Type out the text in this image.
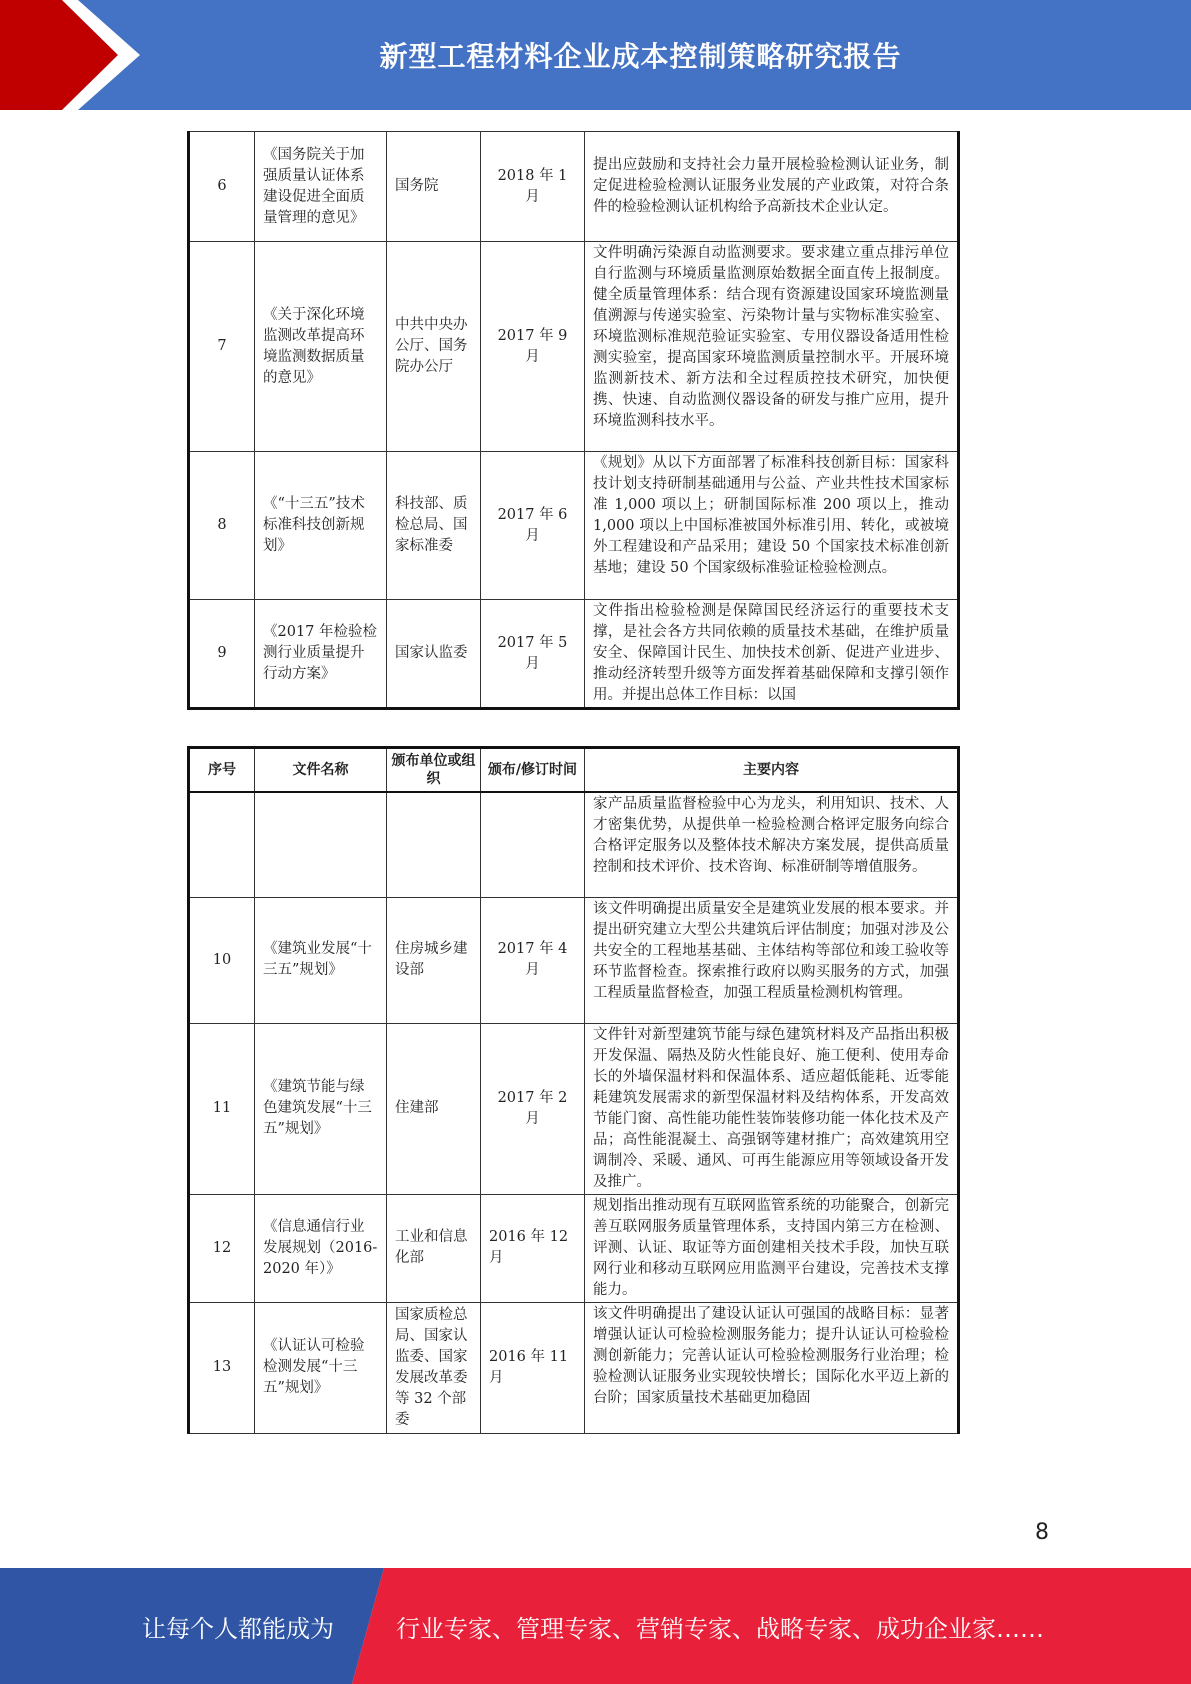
新型工程材料企业成本控制策略研究报告
6	《国务院关于加强质量认证体系建设促进全面质量管理的意见》	国务院	2018 年 1 月	提出应鼓励和支持社会力量开展检验检测认证业务，制定促进检验检测认证服务业发展的产业政策，对符合条件的检验检测认证机构给予高新技术企业认定。
7	《关于深化环境监测改革提高环境监测数据质量的意见》	中共中央办公厅、国务院办公厅	2017 年 9 月	文件明确污染源自动监测要求。要求建立重点排污单位自行监测与环境质量监测原始数据全面直传上报制度。健全质量管理体系：结合现有资源建设国家环境监测量值溯源与传递实验室、污染物计量与实物标准实验室、环境监测标准规范验证实验室、专用仪器设备适用性检测实验室，提高国家环境监测质量控制水平。开展环境监测新技术、新方法和全过程质控技术研究，加快便携、快速、自动监测仪器设备的研发与推广应用，提升环境监测科技水平。
8	《“十三五”技术标准科技创新规划》	科技部、质检总局、国家标准委	2017 年 6 月	《规划》从以下方面部署了标准科技创新目标：国家科技计划支持研制基础通用与公益、产业共性技术国家标准 1,000 项以上；研制国际标准 200 项以上，推动 1,000 项以上中国标准被国外标准引用、转化，或被境外工程建设和产品采用；建设 50 个国家技术标准创新基地；建设 50 个国家级标准验证检验检测点。
9	《2017 年检验检测行业质量提升行动方案》	国家认监委	2017 年 5 月	文件指出检验检测是保障国民经济运行的重要技术支撑，是社会各方共同依赖的质量技术基础，在维护质量安全、保障国计民生、加快技术创新、促进产业进步、推动经济转型升级等方面发挥着基础保障和支撑引领作用。并提出总体工作目标：以国
序号	文件名称	颁布单位或组织	颁布/修订时间	主要内容
				家产品质量监督检验中心为龙头，利用知识、技术、人才密集优势，从提供单一检验检测合格评定服务向综合合格评定服务以及整体技术解决方案发展，提供高质量控制和技术评价、技术咨询、标准研制等增值服务。
10	《建筑业发展“十三五”规划》	住房城乡建设部	2017 年 4 月	该文件明确提出质量安全是建筑业发展的根本要求。并提出研究建立大型公共建筑后评估制度；加强对涉及公共安全的工程地基基础、主体结构等部位和竣工验收等环节监督检查。探索推行政府以购买服务的方式，加强工程质量监督检查，加强工程质量检测机构管理。
11	《建筑节能与绿色建筑发展“十三五”规划》	住建部	2017 年 2 月	文件针对新型建筑节能与绿色建筑材料及产品指出积极开发保温、隔热及防火性能良好、施工便利、使用寿命长的外墙保温材料和保温体系、适应超低能耗、近零能耗建筑发展需求的新型保温材料及结构体系，开发高效节能门窗、高性能功能性装饰装修功能一体化技术及产品；高性能混凝土、高强钢等建材推广；高效建筑用空调制冷、采暖、通风、可再生能源应用等领域设备开发及推广。
12	《信息通信行业发展规划（2016-2020 年）》	工业和信息化部	2016 年 12 月	规划指出推动现有互联网监管系统的功能聚合，创新完善互联网服务质量管理体系，支持国内第三方在检测、评测、认证、取证等方面创建相关技术手段，加快互联网行业和移动互联网应用监测平台建设，完善技术支撑能力。
13	《认证认可检验检测发展“十三五”规划》	国家质检总局、国家认监委、国家发展改革委等 32 个部委	2016 年 11 月	该文件明确提出了建设认证认可强国的战略目标：显著增强认证认可检验检测服务能力；提升认证认可检验检测创新能力；完善认证认可检验检测服务行业治理；检验检测认证服务业实现较快增长；国际化水平迈上新的台阶；国家质量技术基础更加稳固
8
让每个人都能成为	行业专家、管理专家、营销专家、战略专家、成功企业家……
